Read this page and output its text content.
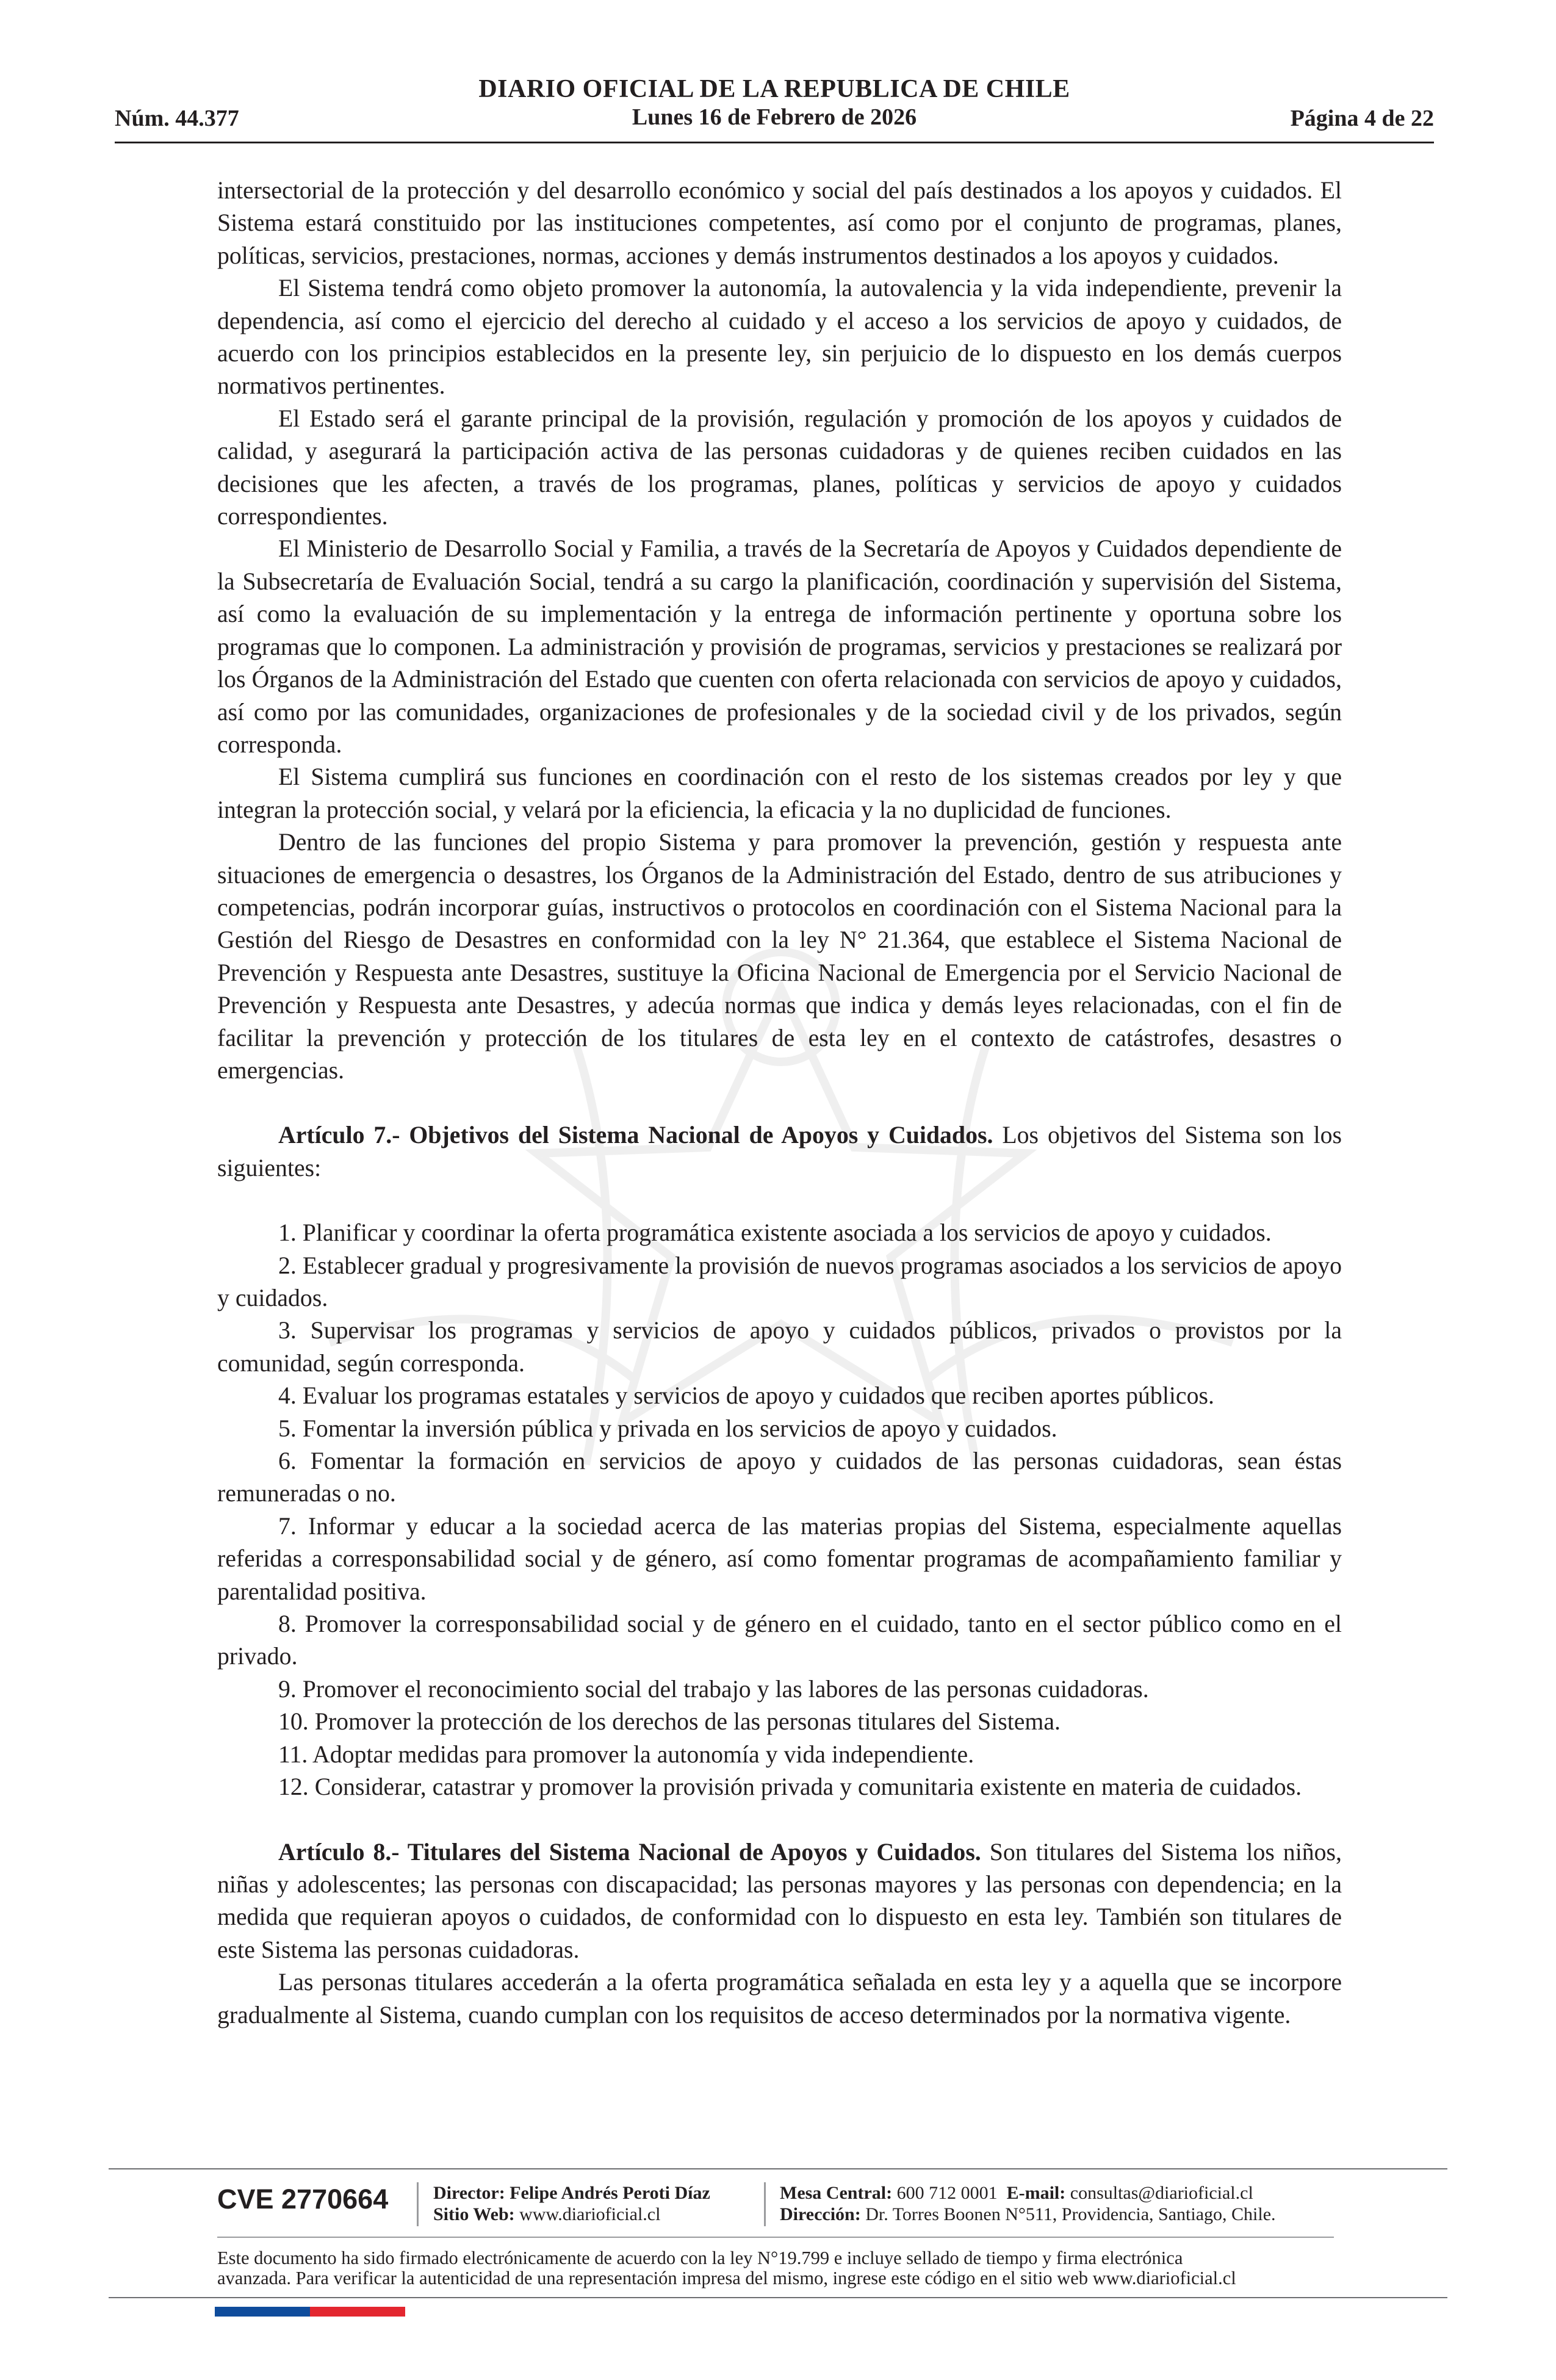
DIARIO OFICIAL DE LA REPUBLICA DE CHILE
Núm. 44.377	Lunes 16 de Febrero de 2026	Página 4 de 22

intersectorial de la protección y del desarrollo económico y social del país destinados a los apoyos y cuidados. El Sistema estará constituido por las instituciones competentes, así como por el conjunto de programas, planes, políticas, servicios, prestaciones, normas, acciones y demás instrumentos destinados a los apoyos y cuidados.

El Sistema tendrá como objeto promover la autonomía, la autovalencia y la vida independiente, prevenir la dependencia, así como el ejercicio del derecho al cuidado y el acceso a los servicios de apoyo y cuidados, de acuerdo con los principios establecidos en la presente ley, sin perjuicio de lo dispuesto en los demás cuerpos normativos pertinentes.

El Estado será el garante principal de la provisión, regulación y promoción de los apoyos y cuidados de calidad, y asegurará la participación activa de las personas cuidadoras y de quienes reciben cuidados en las decisiones que les afecten, a través de los programas, planes, políticas y servicios de apoyo y cuidados correspondientes.

El Ministerio de Desarrollo Social y Familia, a través de la Secretaría de Apoyos y Cuidados dependiente de la Subsecretaría de Evaluación Social, tendrá a su cargo la planificación, coordinación y supervisión del Sistema, así como la evaluación de su implementación y la entrega de información pertinente y oportuna sobre los programas que lo componen. La administración y provisión de programas, servicios y prestaciones se realizará por los Órganos de la Administración del Estado que cuenten con oferta relacionada con servicios de apoyo y cuidados, así como por las comunidades, organizaciones de profesionales y de la sociedad civil y de los privados, según corresponda.

El Sistema cumplirá sus funciones en coordinación con el resto de los sistemas creados por ley y que integran la protección social, y velará por la eficiencia, la eficacia y la no duplicidad de funciones.

Dentro de las funciones del propio Sistema y para promover la prevención, gestión y respuesta ante situaciones de emergencia o desastres, los Órganos de la Administración del Estado, dentro de sus atribuciones y competencias, podrán incorporar guías, instructivos o protocolos en coordinación con el Sistema Nacional para la Gestión del Riesgo de Desastres en conformidad con la ley N° 21.364, que establece el Sistema Nacional de Prevención y Respuesta ante Desastres, sustituye la Oficina Nacional de Emergencia por el Servicio Nacional de Prevención y Respuesta ante Desastres, y adecúa normas que indica y demás leyes relacionadas, con el fin de facilitar la prevención y protección de los titulares de esta ley en el contexto de catástrofes, desastres o emergencias.

Artículo 7.- Objetivos del Sistema Nacional de Apoyos y Cuidados. Los objetivos del Sistema son los siguientes:

1. Planificar y coordinar la oferta programática existente asociada a los servicios de apoyo y cuidados.

2. Establecer gradual y progresivamente la provisión de nuevos programas asociados a los servicios de apoyo y cuidados.

3. Supervisar los programas y servicios de apoyo y cuidados públicos, privados o provistos por la comunidad, según corresponda.

4. Evaluar los programas estatales y servicios de apoyo y cuidados que reciben aportes públicos.

5. Fomentar la inversión pública y privada en los servicios de apoyo y cuidados.

6. Fomentar la formación en servicios de apoyo y cuidados de las personas cuidadoras, sean éstas remuneradas o no.

7. Informar y educar a la sociedad acerca de las materias propias del Sistema, especialmente aquellas referidas a corresponsabilidad social y de género, así como fomentar programas de acompañamiento familiar y parentalidad positiva.

8. Promover la corresponsabilidad social y de género en el cuidado, tanto en el sector público como en el privado.

9. Promover el reconocimiento social del trabajo y las labores de las personas cuidadoras.

10. Promover la protección de los derechos de las personas titulares del Sistema.

11. Adoptar medidas para promover la autonomía y vida independiente.

12. Considerar, catastrar y promover la provisión privada y comunitaria existente en materia de cuidados.

Artículo 8.- Titulares del Sistema Nacional de Apoyos y Cuidados. Son titulares del Sistema los niños, niñas y adolescentes; las personas con discapacidad; las personas mayores y las personas con dependencia; en la medida que requieran apoyos o cuidados, de conformidad con lo dispuesto en esta ley. También son titulares de este Sistema las personas cuidadoras.

Las personas titulares accederán a la oferta programática señalada en esta ley y a aquella que se incorpore gradualmente al Sistema, cuando cumplan con los requisitos de acceso determinados por la normativa vigente.

CVE 2770664 Director: Felipe Andrés Peroti Díaz
Sitio Web: www.diarioficial.cl
Mesa Central: 600 712 0001 E-mail: consultas@diarioficial.cl
Dirección: Dr. Torres Boonen N°511, Providencia, Santiago, Chile.

Este documento ha sido firmado electrónicamente de acuerdo con la ley N°19.799 e incluye sellado de tiempo y firma electrónica

avanzada. Para verificar la autenticidad de una representación impresa del mismo, ingrese este código en el sitio web www.diarioficial.cl
